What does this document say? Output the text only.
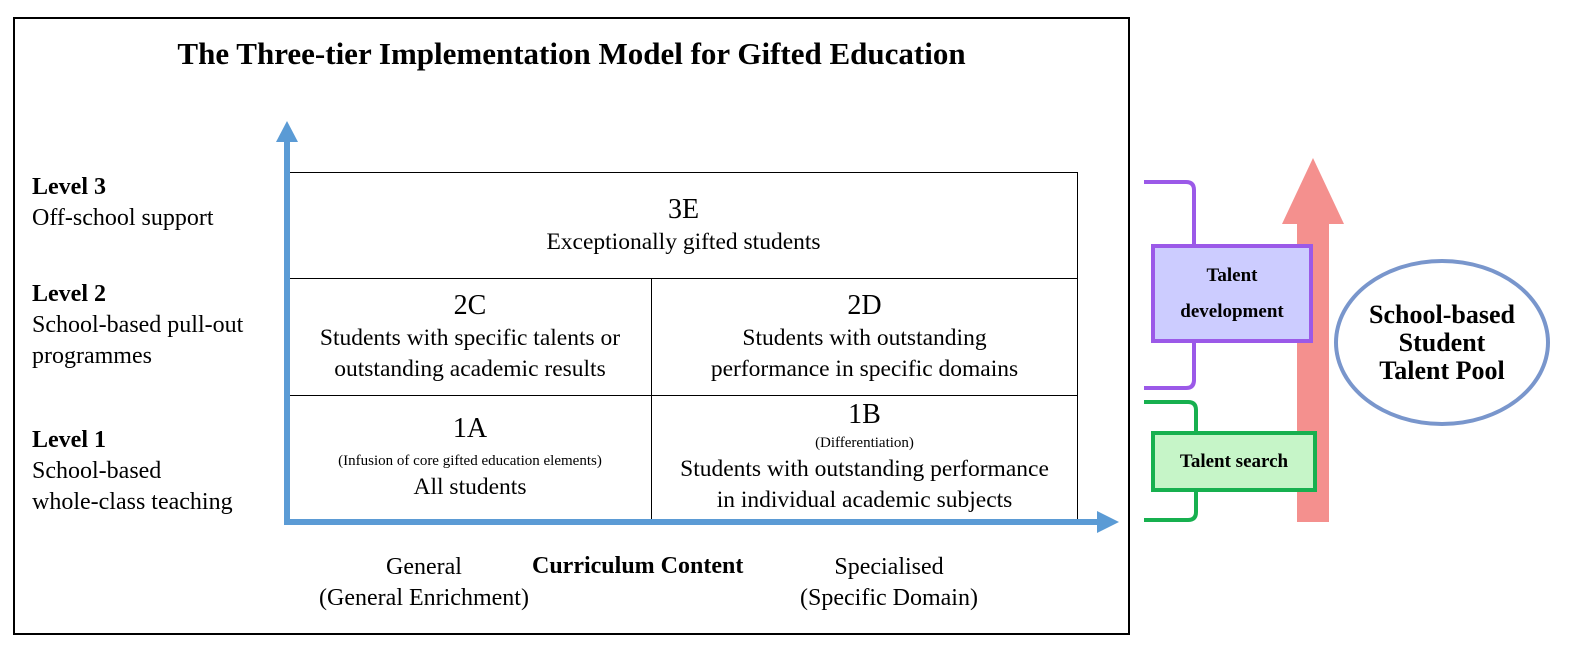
The Three-tier Implementation Model for Gifted Education
Level 3
Off-school support
Level 2
School-based pull-out
programmes
Level 1
School-based
whole-class teaching
3E
Exceptionally gifted students
2C
Students with specific talents or
outstanding academic results
2D
Students with outstanding
performance in specific domains
1A
(Infusion of core gifted education elements)
All students
1B
(Differentiation)
Students with outstanding performance
in individual academic subjects
General
(General Enrichment)
Curriculum Content	Specialised
(Specific Domain)
Talent
development
Talent search
School-based
Student
Talent Pool
